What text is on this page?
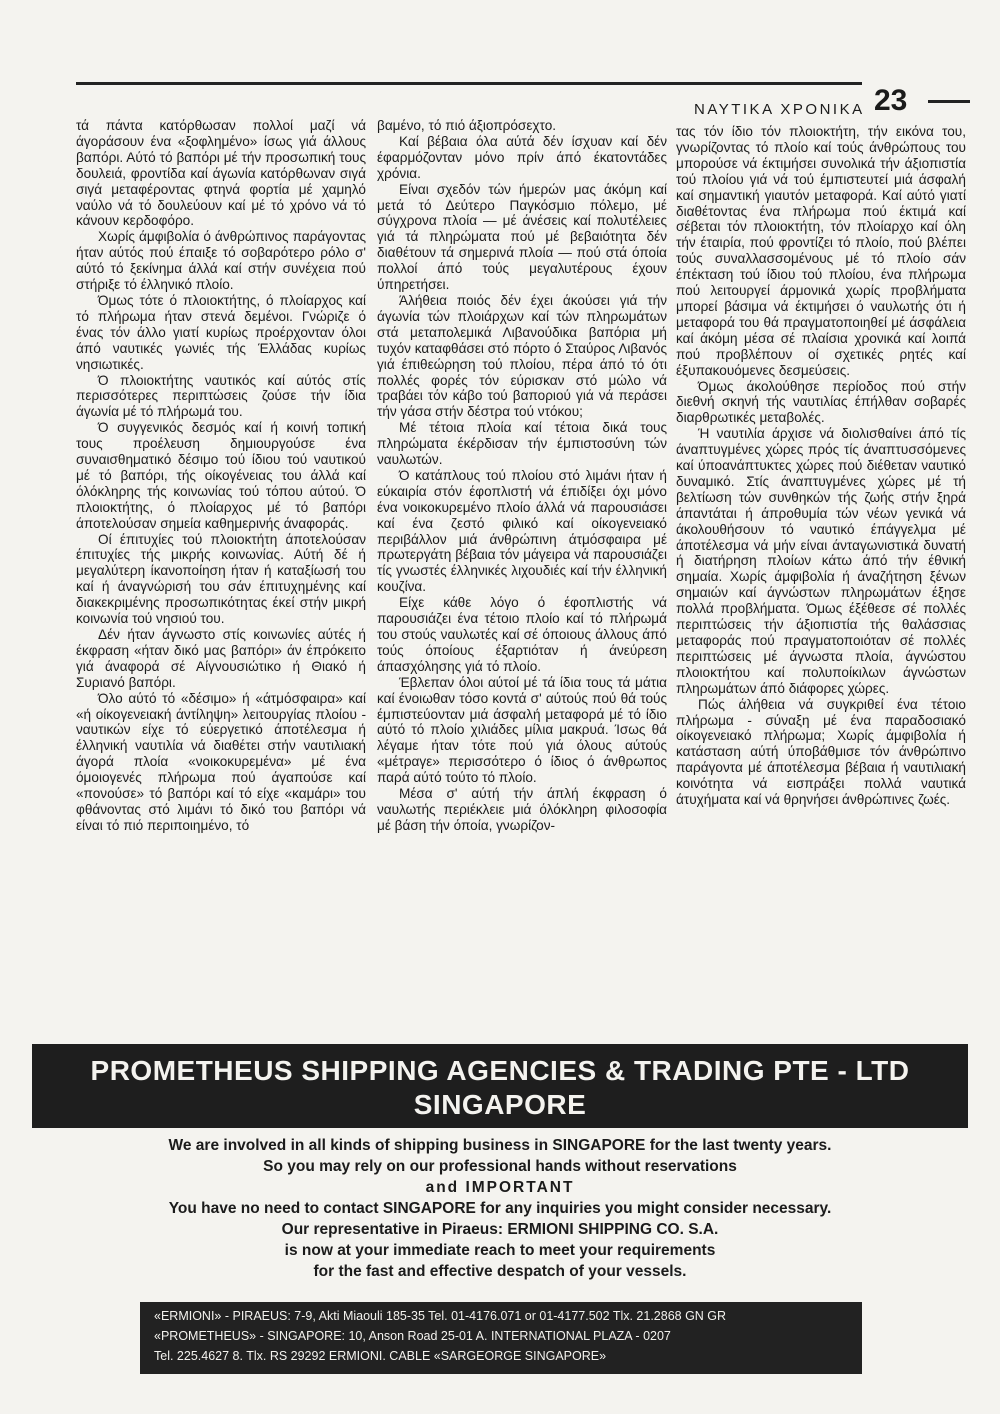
ΝΑΥΤΙΚΑ ΧΡΟΝΙΚΑ 23

τά πάντα κατόρθωσαν πολλοί μαζί νά άγοράσουν ένα «ξοφλημένο» ίσως γιά άλλους βαπόρι. Αύτό τό βαπόρι μέ τήν προσωπική τους δουλειά, φροντίδα καί άγωνία κατόρθωναν σιγά σιγά μεταφέροντας φτηνά φορτία μέ χαμηλό ναύλο νά τό δουλεύουν καί μέ τό χρόνο νά τό κάνουν κερδοφόρο.

Χωρίς άμφιβολία ό άνθρώπινος παράγοντας ήταν αύτός πού έπαιξε τό σοβαρότερο ρόλο σ' αύτό τό ξεκίνημα άλλά καί στήν συνέχεια πού στήριξε τό έλληνικό πλοίο.

Όμως τότε ό πλοιοκτήτης, ό πλοίαρχος καί τό πλήρωμα ήταν στενά δεμένοι. Γνώριζε ό ένας τόν άλλο γιατί κυρίως προέρχονταν όλοι άπό ναυτικές γωνιές τής Έλλάδας κυρίως νησιωτικές.

Ό πλοιοκτήτης ναυτικός καί αύτός στίς περισσότερες περιπτώσεις ζούσε τήν ίδια άγωνία μέ τό πλήρωμά του.

Ό συγγενικός δεσμός καί ή κοινή τοπική τους προέλευση δημιουργούσε ένα συναισθηματικό δέσιμο τού ίδιου τού ναυτικού μέ τό βαπόρι, τής οίκογένειας του άλλά καί όλόκληρης τής κοινωνίας τού τόπου αύτού. Ό πλοιοκτήτης, ό πλοίαρχος μέ τό βαπόρι άποτελούσαν σημεία καθημερινής άναφοράς.

Οί έπιτυχίες τού πλοιοκτήτη άποτελούσαν έπιτυχίες τής μικρής κοινωνίας. Αύτή δέ ή μεγαλύτερη ίκανοποίηση ήταν ή καταξίωσή του καί ή άναγνώρισή του σάν έπιτυχημένης καί διακεκριμένης προσωπικότητας έκεί στήν μικρή κοινωνία τού νησιού του.

Δέν ήταν άγνωστο στίς κοινωνίες αύτές ή έκφραση «ήταν δικό μας βαπόρι» άν έπρόκειτο γιά άναφορά σέ Αίγνουσιώτικο ή Θιακό ή Συριανό βαπόρι.

Όλο αύτό τό «δέσιμο» ή «άτμόσφαιρα» καί «ή οίκογενειακή άντίληψη» λειτουργίας πλοίου - ναυτικών είχε τό εύεργετικό άποτέλεσμα ή έλληνική ναυτιλία νά διαθέτει στήν ναυτιλιακή άγορά πλοία «νοικοκυρεμένα» μέ ένα όμοιογενές πλήρωμα πού άγαπούσε καί «πονούσε» τό βαπόρι καί τό είχε «καμάρι» του φθάνοντας στό λιμάνι τό δικό του βαπόρι νά είναι τό πιό περιποιημένο, τό

βαμένο, τό πιό άξιοπρόσεχτο.

Καί βέβαια όλα αύτά δέν ίσχυαν καί δέν έφαρμόζονταν μόνο πρίν άπό έκατοντάδες χρόνια.

Είναι σχεδόν τών ήμερών μας άκόμη καί μετά τό Δεύτερο Παγκόσμιο πόλεμο, μέ σύγχρονα πλοία — μέ άνέσεις καί πολυτέλειες γιά τά πληρώματα πού μέ βεβαιότητα δέν διαθέτουν τά σημερινά πλοία — πού στά όποία πολλοί άπό τούς μεγαλυτέρους έχουν ύπηρετήσει.

Άλήθεια ποιός δέν έχει άκούσει γιά τήν άγωνία τών πλοιάρχων καί τών πληρωμάτων στά μεταπολεμικά Λιβανούδικα βαπόρια μή τυχόν καταφθάσει στό πόρτο ό Σταύρος Λιβανός γιά έπιθεώρηση τού πλοίου, πέρα άπό τό ότι πολλές φορές τόν εύρισκαν στό μώλο νά τραβάει τόν κάβο τού βαποριού γιά νά περάσει τήν γάσα στήν δέστρα τού ντόκου;

Μέ τέτοια πλοία καί τέτοια δικά τους πληρώματα έκέρδισαν τήν έμπιστοσύνη τών ναυλωτών.

Ό κατάπλους τού πλοίου στό λιμάνι ήταν ή εύκαιρία στόν έφοπλιστή νά έπιδίξει όχι μόνο ένα νοικοκυρεμένο πλοίο άλλά νά παρουσιάσει καί ένα ζεστό φιλικό καί οίκογενειακό περιβάλλον μιά άνθρώπινη άτμόσφαιρα μέ πρωτεργάτη βέβαια τόν μάγειρα νά παρουσιάζει τίς γνωστές έλληνικές λιχουδιές καί τήν έλληνική κουζίνα.

Είχε κάθε λόγο ό έφοπλιστής νά παρουσιάζει ένα τέτοιο πλοίο καί τό πλήρωμά του στούς ναυλωτές καί σέ όποιους άλλους άπό τούς όποίους έξαρτιόταν ή άνεύρεση άπασχόλησης γιά τό πλοίο.

Έβλεπαν όλοι αύτοί μέ τά ίδια τους τά μάτια καί ένοιωθαν τόσο κοντά σ' αύτούς πού θά τούς έμπιστεύονταν μιά άσφαλή μεταφορά μέ τό ίδιο αύτό τό πλοίο χιλιάδες μίλια μακρυά. Ίσως θά λέγαμε ήταν τότε πού γιά όλους αύτούς «μέτραγε» περισσότερο ό ίδιος ό άνθρωπος παρά αύτό τούτο τό πλοίο.

Μέσα σ' αύτή τήν άπλή έκφραση ό ναυλωτής περιέκλειε μιά όλόκληρη φιλοσοφία μέ βάση τήν όποία, γνωρίζον-

τας τόν ίδιο τόν πλοιοκτήτη, τήν εικόνα του, γνωρίζοντας τό πλοίο καί τούς άνθρώπους του μπορούσε νά έκτιμήσει συνολικά τήν άξιοπιστία τού πλοίου γιά νά τού έμπιστευτεί μιά άσφαλή καί σημαντική γιαυτόν μεταφορά. Καί αύτό γιατί διαθέτοντας ένα πλήρωμα πού έκτιμά καί σέβεται τόν πλοιοκτήτη, τόν πλοίαρχο καί όλη τήν έταιρία, πού φροντίζει τό πλοίο, πού βλέπει τούς συναλλασσομένους μέ τό πλοίο σάν έπέκταση τού ίδιου τού πλοίου, ένα πλήρωμα πού λειτουργεί άρμονικά χωρίς προβλήματα μπορεί βάσιμα νά έκτιμήσει ό ναυλωτής ότι ή μεταφορά του θά πραγματοποιηθεί μέ άσφάλεια καί άκόμη μέσα σέ πλαίσια χρονικά καί λοιπά πού προβλέπουν οί σχετικές ρητές καί έξυπακουόμενες δεσμεύσεις.

Όμως άκολούθησε περίοδος πού στήν διεθνή σκηνή τής ναυτιλίας έπήλθαν σοβαρές διαρθρωτικές μεταβολές.

Ή ναυτιλία άρχισε νά διολισθαίνει άπό τίς άναπτυγμένες χώρες πρός τίς άναπτυσσόμενες καί ύποανάπτυκτες χώρες πού διέθεταν ναυτικό δυναμικό. Στίς άναπτυγμένες χώρες μέ τή βελτίωση τών συνθηκών τής ζωής στήν ξηρά άπαντάται ή άπροθυμία τών νέων γενικά νά άκολουθήσουν τό ναυτικό έπάγγελμα μέ άποτέλεσμα νά μήν είναι άνταγωνιστικά δυνατή ή διατήρηση πλοίων κάτω άπό τήν έθνική σημαία. Χωρίς άμφιβολία ή άναζήτηση ξένων σημαιών καί άγνώστων πληρωμάτων έξησε πολλά προβλήματα. Όμως έξέθεσε σέ πολλές περιπτώσεις τήν άξιοπιστία τής θαλάσσιας μεταφοράς πού πραγματοποιόταν σέ πολλές περιπτώσεις μέ άγνωστα πλοία, άγνώστου πλοιοκτήτου καί πολυποίκιλων άγνώστων πληρωμάτων άπό διάφορες χώρες.

Πώς άλήθεια νά συγκριθεί ένα τέτοιο πλήρωμα - σύναξη μέ ένα παραδοσιακό οίκογενειακό πλήρωμα; Χωρίς άμφιβολία ή κατάσταση αύτή ύποβάθμισε τόν άνθρώπινο παράγοντα μέ άποτέλεσμα βέβαια ή ναυτιλιακή κοινότητα νά εισπράξει πολλά ναυτικά άτυχήματα καί νά θρηνήσει άνθρώπινες ζωές.

PROMETHEUS SHIPPING AGENCIES & TRADING PTE - LTD
SINGAPORE
We are involved in all kinds of shipping business in SINGAPORE for the last twenty years.
So you may rely on our professional hands without reservations
and IMPORTANT
You have no need to contact SINGAPORE for any inquiries you might consider necessary.
Our representative in Piraeus: ERMIONI SHIPPING CO. S.A.
is now at your immediate reach to meet your requirements
for the fast and effective despatch of your vessels.
«ERMIONI» - PIRAEUS: 7-9, Akti Miaouli 185-35 Tel. 01-4176.071 or 01-4177.502 Tlx. 21.2868 GN GR
«PROMETHEUS» - SINGAPORE: 10, Anson Road 25-01 A. INTERNATIONAL PLAZA - 0207
Tel. 225.4627 8. Tlx. RS 29292 ERMIONI. CABLE «SARGEORGE SINGAPORE»
